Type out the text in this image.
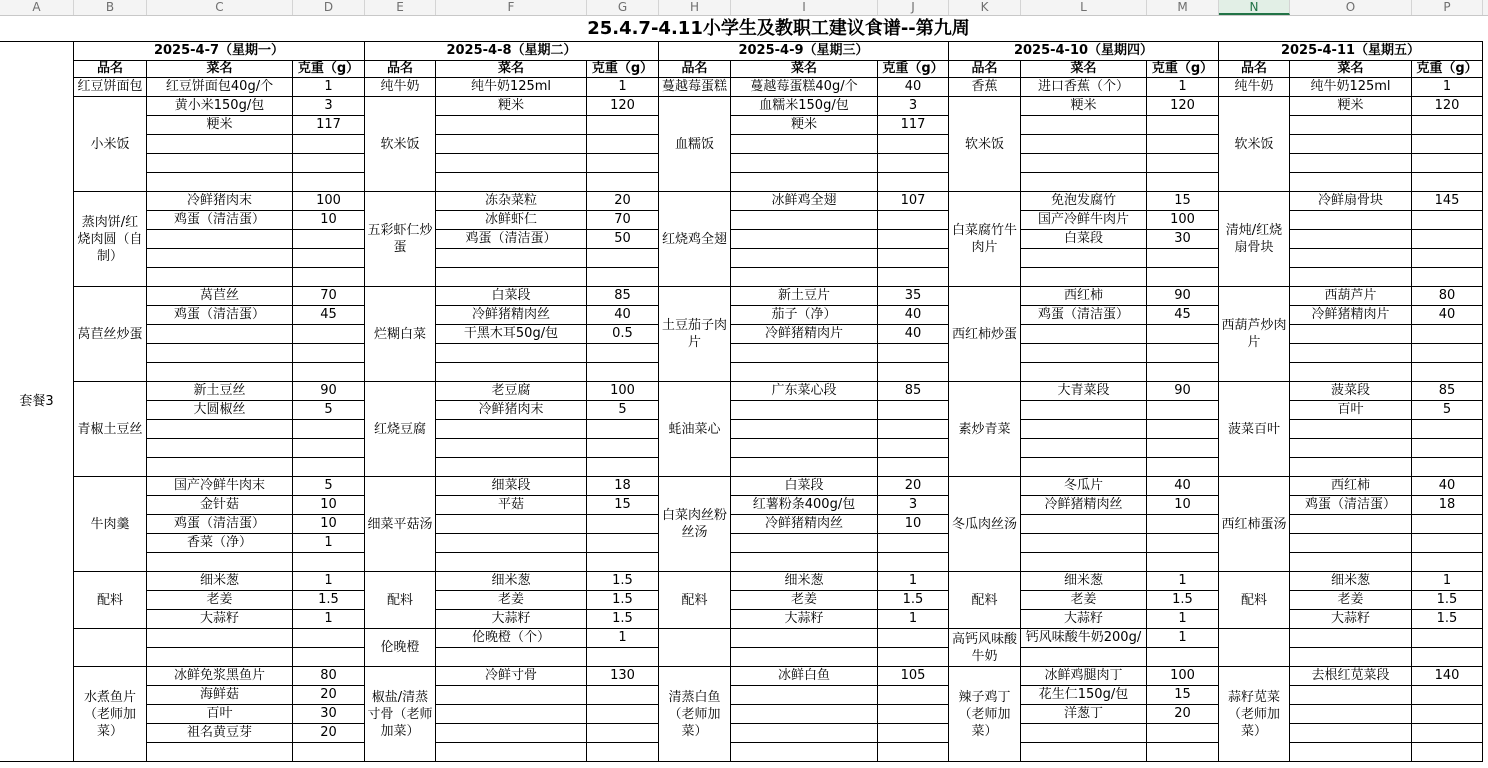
A	B	C	D	E	F	G	H	I	J	K	L	M	N	O	P
25.4.7-4.11小学生及教职工建议食谱--第九周
套餐3
2025-4-7（星期一）
品名	菜名	克重（g）
红豆饼面包	红豆饼面包40g/个	1
小米饭
黄小米150g/包	3
粳米	117
蒸肉饼/红烧肉圆（自制）
冷鲜猪肉末	100
鸡蛋（清洁蛋）	10
莴苣丝炒蛋
莴苣丝	70
鸡蛋（清洁蛋）	45
青椒土豆丝
新土豆丝	90
大圆椒丝	5
牛肉羹
国产冷鲜牛肉末	5
金针菇	10
鸡蛋（清洁蛋）	10
香菜（净）	1
配料
细米葱	1
老姜	1.5
大蒜籽	1
水煮鱼片（老师加菜）
冰鲜免浆黑鱼片	80
海鲜菇	20
百叶	30
祖名黄豆芽	20
2025-4-8（星期二）
品名	菜名	克重（g）
纯牛奶	纯牛奶125ml	1
软米饭
粳米	120
五彩虾仁炒蛋
冻杂菜粒	20
冰鲜虾仁	70
鸡蛋（清洁蛋）	50
烂糊白菜
白菜段	85
冷鲜猪精肉丝	40
干黑木耳50g/包	0.5
红烧豆腐
老豆腐	100
冷鲜猪肉末	5
细菜平菇汤
细菜段	18
平菇	15
配料
细米葱	1.5
老姜	1.5
大蒜籽	1.5
伦晚橙
伦晚橙（个）	1
椒盐/清蒸寸骨（老师加菜）
冷鲜寸骨	130
2025-4-9（星期三）
品名	菜名	克重（g）
蔓越莓蛋糕	蔓越莓蛋糕40g/个	40
血糯饭
血糯米150g/包	3
粳米	117
红烧鸡全翅
冰鲜鸡全翅	107
土豆茄子肉片
新土豆片	35
茄子（净）	40
冷鲜猪精肉片	40
蚝油菜心
广东菜心段	85
白菜肉丝粉丝汤
白菜段	20
红薯粉条400g/包	3
冷鲜猪精肉丝	10
配料
细米葱	1
老姜	1.5
大蒜籽	1
清蒸白鱼（老师加菜）
冰鲜白鱼	105
2025-4-10（星期四）
品名	菜名	克重（g）
香蕉	进口香蕉（个）	1
软米饭
粳米	120
白菜腐竹牛肉片
免泡发腐竹	15
国产冷鲜牛肉片	100
白菜段	30
西红柿炒蛋
西红柿	90
鸡蛋（清洁蛋）	45
素炒青菜
大青菜段	90
冬瓜肉丝汤
冬瓜片	40
冷鲜猪精肉丝	10
配料
细米葱	1
老姜	1.5
大蒜籽	1
高钙风味酸牛奶
钙风味酸牛奶200g/	1
辣子鸡丁（老师加菜）
冰鲜鸡腿肉丁	100
花生仁150g/包	15
洋葱丁	20
2025-4-11（星期五）
品名	菜名	克重（g）
纯牛奶	纯牛奶125ml	1
软米饭
粳米	120
清炖/红烧扇骨块
冷鲜扇骨块	145
西葫芦炒肉片
西葫芦片	80
冷鲜猪精肉片	40
菠菜百叶
菠菜段	85
百叶	5
西红柿蛋汤
西红柿	40
鸡蛋（清洁蛋）	18
配料
细米葱	1
老姜	1.5
大蒜籽	1.5
蒜籽苋菜（老师加菜）
去根红苋菜段	140
